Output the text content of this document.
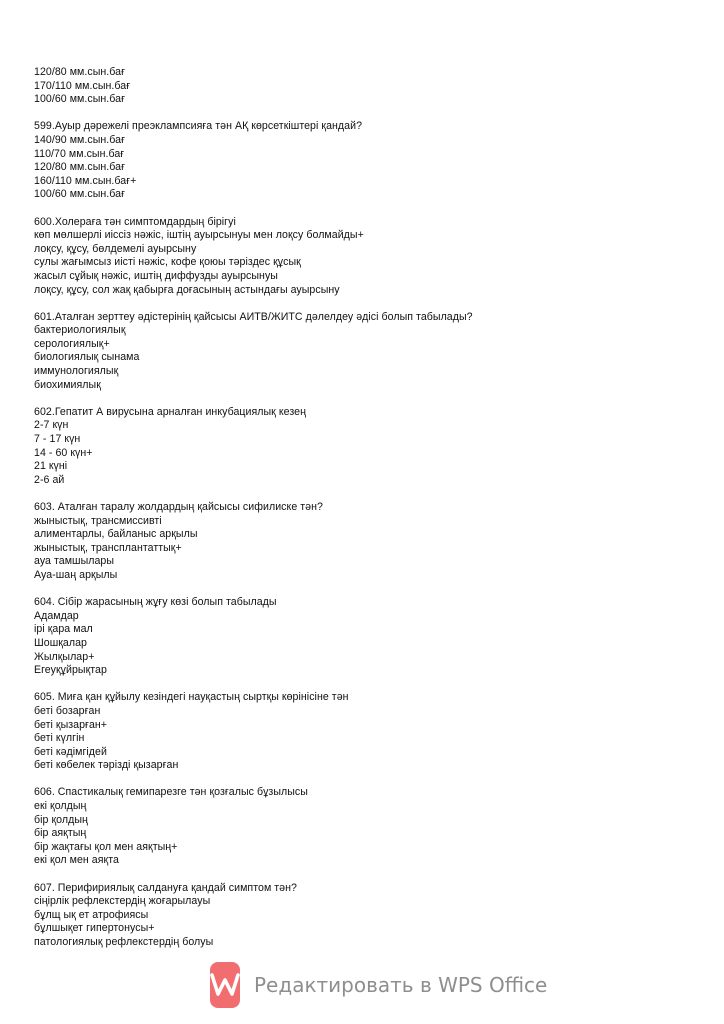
120/80 мм.сын.бағ
170/110 мм.сын.бағ
100/60 мм.сын.бағ
599.Ауыр дәрежелі преэклампсияға тән АҚ көрсеткіштері қандай?
140/90 мм.сын.бағ
110/70 мм.сын.бағ
120/80 мм.сын.бағ
160/110 мм.сын.бағ+
100/60 мм.сын.бағ
600.Холераға тән симптомдардың бірігуі
көп мөлшерлі иіссіз нәжіс, іштің ауырсынуы мен лоқсу болмайды+
лоқсу, құсу, бөлдемелі ауырсыну
сулы жағымсыз иісті нәжіс, кофе қоюы тәріздес құсық
жасыл сұйық нәжіс, иштің диффузды ауырсынуы
лоқсу, құсу, сол жақ қабырға доғасының астындағы ауырсыну
601.Аталған зерттеу әдістерінің қайсысы АИТВ/ЖИТС дәлелдеу әдісі болып табылады?
бактериологиялық
серологиялық+
биологиялық сынама
иммунологиялық
биохимиялық
602.Гепатит А вирусына арналған инкубациялық кезең
2-7 күн
7 - 17 күн
14 - 60 күн+
21 күні
2-6 ай
603. Аталған таралу жолдардың қайсысы сифилиске тән?
жыныстық, трансмиссивті
алиментарлы, байланыс арқылы
жыныстық, трансплантаттық+
ауа тамшылары
Ауа-шаң арқылы
604. Сібір жарасының жұғу көзі болып табылады
Адамдар
ірі қара мал
Шошқалар
Жылқылар+
Егеуқұйрықтар
605. Миға қан құйылу кезіндегі науқастың сыртқы көрінісіне тән
беті бозарған
беті қызарған+
беті күлгін
беті кәдімгідей
беті көбелек тәрізді қызарған
606. Спастикалық гемипарезге тән қозғалыс бұзылысы
екі қолдың
бір қолдың
бір аяқтың
бір жақтағы қол мен аяқтың+
екі қол мен аяқта
607. Перифириялық салдануға қандай симптом тән?
сіңірлік рефлекстердің жоғарылауы
бұлщ ық ет атрофиясы
бұлшықет гипертонусы+
патологиялық рефлекстердің болуы
Редактировать в WPS Office
